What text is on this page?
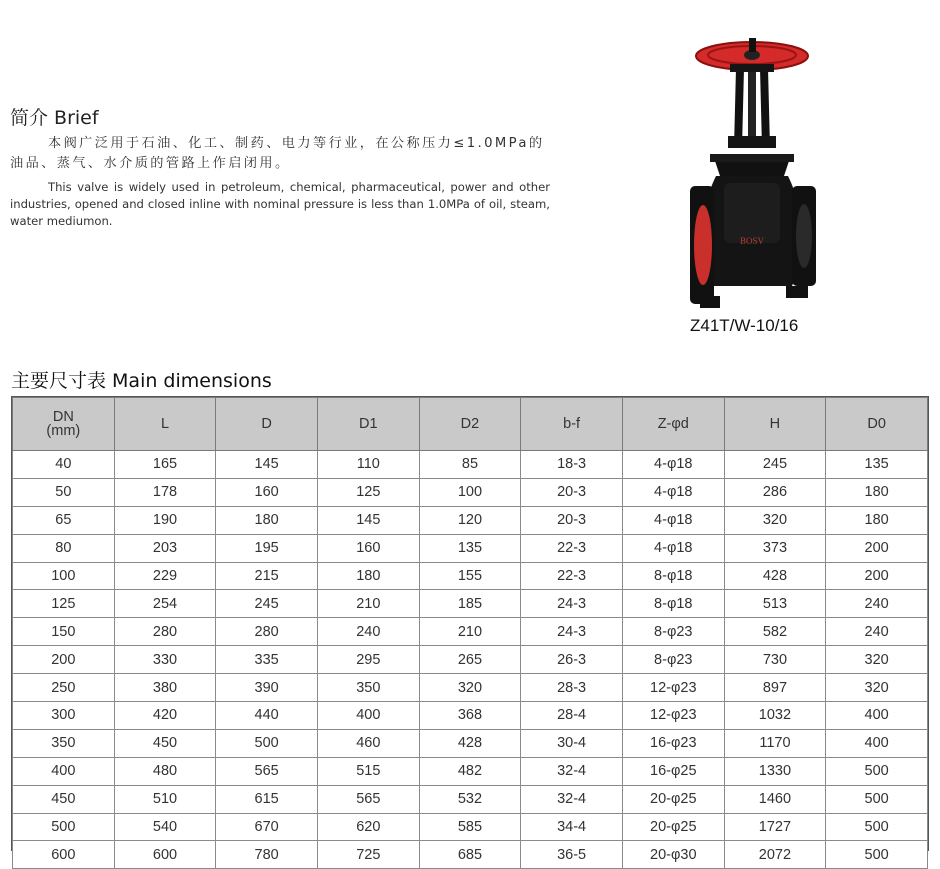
简介 Brief
本阀广泛用于石油、化工、制药、电力等行业，在公称压力≤1.0MPa的油品、蒸气、水介质的管路上作启闭用。
This valve is widely used in petroleum, chemical, pharmaceutical, power and other industries, opened and closed inline with nominal pressure is less than 1.0MPa of oil, steam, water mediumon.
BOSV
Z41T/W-10/16
主要尺寸表 Main dimensions
DN
(mm)	L	D	D1	D2	b-f	Z-φd	H	D0
40	165	145	110	85	18-3	4-φ18	245	135
50	178	160	125	100	20-3	4-φ18	286	180
65	190	180	145	120	20-3	4-φ18	320	180
80	203	195	160	135	22-3	4-φ18	373	200
100	229	215	180	155	22-3	8-φ18	428	200
125	254	245	210	185	24-3	8-φ18	513	240
150	280	280	240	210	24-3	8-φ23	582	240
200	330	335	295	265	26-3	8-φ23	730	320
250	380	390	350	320	28-3	12-φ23	897	320
300	420	440	400	368	28-4	12-φ23	1032	400
350	450	500	460	428	30-4	16-φ23	1170	400
400	480	565	515	482	32-4	16-φ25	1330	500
450	510	615	565	532	32-4	20-φ25	1460	500
500	540	670	620	585	34-4	20-φ25	1727	500
600	600	780	725	685	36-5	20-φ30	2072	500
